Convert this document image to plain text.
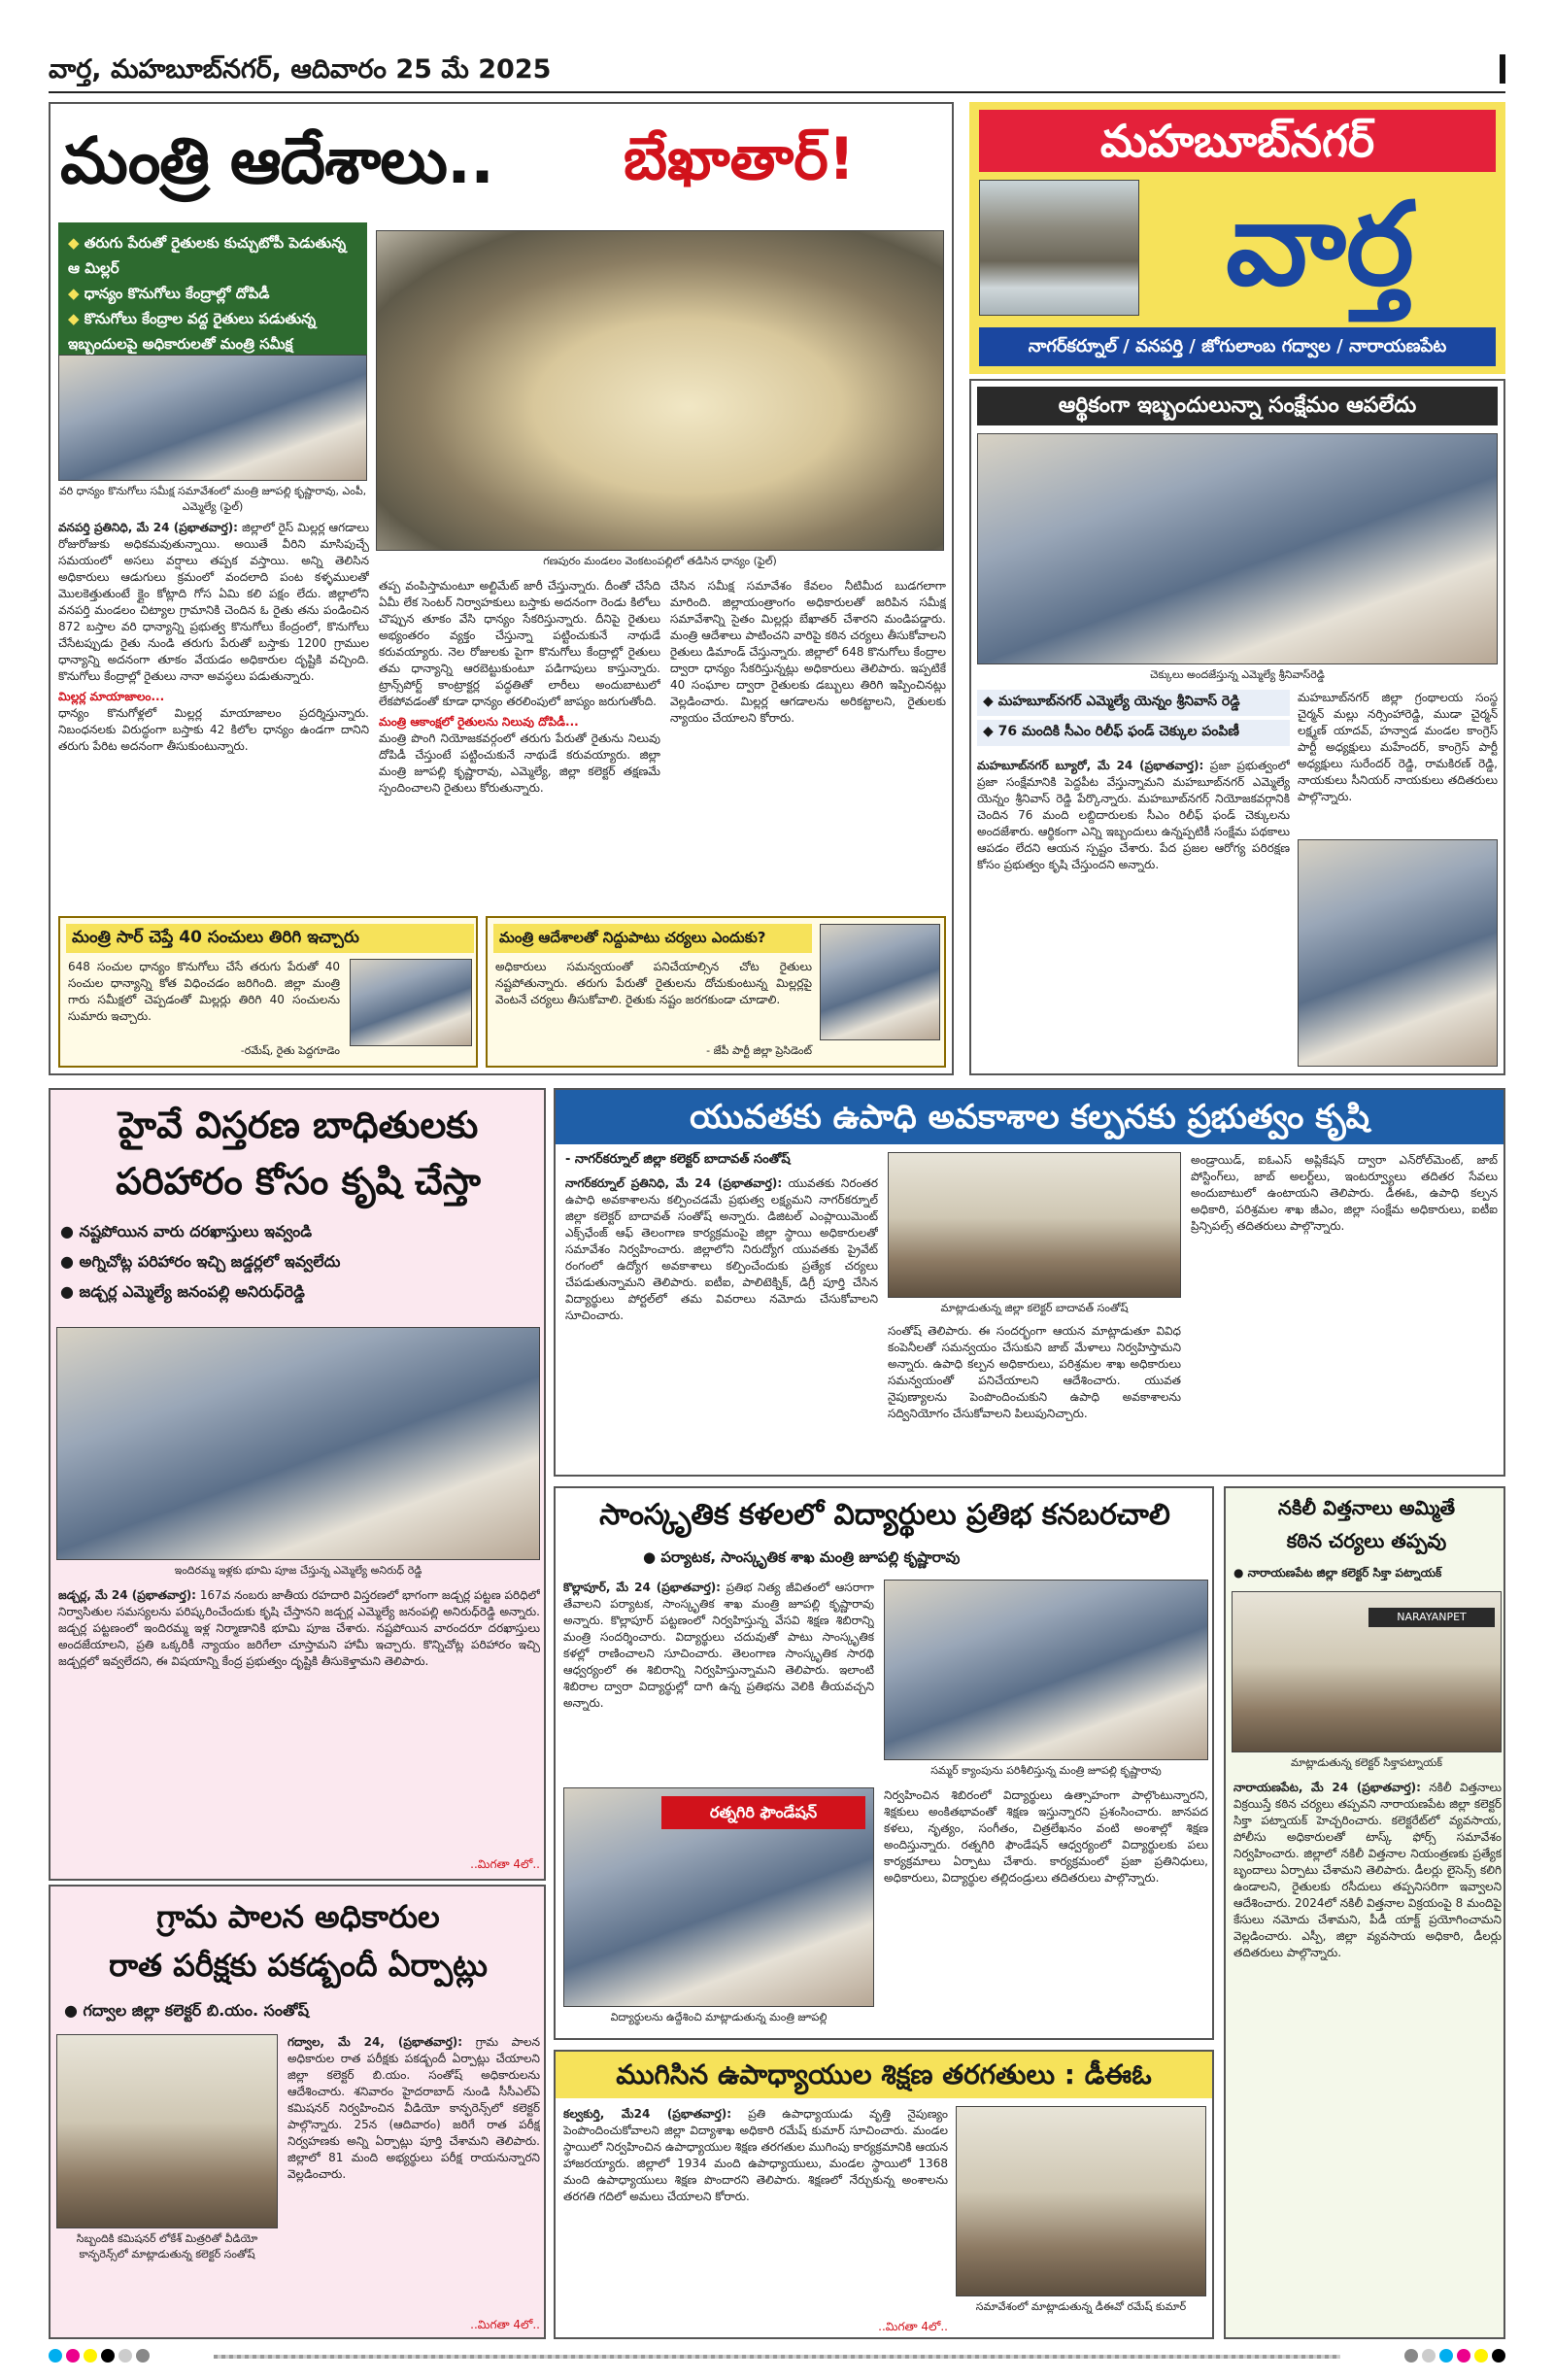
వార్త, మహబూబ్‌నగర్, ఆదివారం 25 మే 2025
మంత్రి ఆదేశాలు..	బేఖాతార్!
◆ తరుగు పేరుతో రైతులకు కుచ్చుటోపీ పెడుతున్న ఆ మిల్లర్
◆ ధాన్యం కొనుగోలు కేంద్రాల్లో దోపిడీ
◆ కొనుగోలు కేంద్రాల వద్ద రైతులు పడుతున్న ఇబ్బందులపై అధికారులతో మంత్రి సమీక్ష
వరి ధాన్యం కొనుగోలు సమీక్ష సమావేశంలో మంత్రి జూపల్లి కృష్ణారావు, ఎంపీ, ఎమ్మెల్యే (ఫైల్)
గణపురం మండలం వెంకటంపల్లిలో తడిసిన ధాన్యం (ఫైల్)
వనపర్తి ప్రతినిధి, మే 24 (ప్రభాతవార్త): జిల్లాలో రైస్ మిల్లర్ల ఆగడాలు రోజురోజుకు అధికమవుతున్నాయి. అయితే వీరిని మాసిపుచ్చే సమయంలో అసలు వర్షాలు తప్పక వస్తాయి. అన్ని తెలిసిన అధికారులు ఆడుగులు క్రమంలో వందలాది పంట కళ్ళములతో మొలకెత్తుతుంటే క్లైం కోట్లాది గోస ఏమి కలి పక్షం లేదు. జిల్లాలోని వనపర్తి మండలం చిట్యాల గ్రామానికి చెందిన ఓ రైతు తను పండించిన 872 బస్తాల వరి ధాన్యాన్ని ప్రభుత్వ కొనుగోలు కేంద్రంలో, కొనుగోలు చేసేటప్పుడు రైతు నుండి తరుగు పేరుతో బస్తాకు 1200 గ్రాముల ధాన్యాన్ని అదనంగా తూకం వేయడం అధికారుల దృష్టికి వచ్చింది. కొనుగోలు కేంద్రాల్లో రైతులు నానా అవస్థలు పడుతున్నారు.
మిల్లర్ల మాయాజాలం...
ధాన్యం కొనుగోళ్లలో మిల్లర్ల మాయాజాలం ప్రదర్శిస్తున్నారు. నిబంధనలకు విరుద్ధంగా బస్తాకు 42 కిలోల ధాన్యం ఉండగా దానిని తరుగు పేరిట అదనంగా తీసుకుంటున్నారు.
తప్ప వంపిస్తామంటూ అల్టిమేట్ జారీ చేస్తున్నారు. దీంతో చేసేది ఏమీ లేక సెంటర్ నిర్వాహకులు బస్తాకు అదనంగా రెండు కిలోలు చొప్పున తూకం వేసి ధాన్యం సేకరిస్తున్నారు. దీనిపై రైతులు అభ్యంతరం వ్యక్తం చేస్తున్నా పట్టించుకునే నాథుడే కరువయ్యారు. నెల రోజులకు పైగా కొనుగోలు కేంద్రాల్లో రైతులు తమ ధాన్యాన్ని ఆరబెట్టుకుంటూ పడిగాపులు కాస్తున్నారు. ట్రాన్స్‌పోర్ట్ కాంట్రాక్టర్ల పద్ధతితో లారీలు అందుబాటులో లేకపోవడంతో కూడా ధాన్యం తరలింపులో జాప్యం జరుగుతోంది.
మంత్రి ఆకాంక్షలో రైతులను నిలువు దోపిడీ...
మంత్రి పొంగి నియోజకవర్గంలో తరుగు పేరుతో రైతును నిలువు దోపిడీ చేస్తుంటే పట్టించుకునే నాథుడే కరువయ్యారు. జిల్లా మంత్రి జూపల్లి కృష్ణారావు, ఎమ్మెల్యే, జిల్లా కలెక్టర్ తక్షణమే స్పందించాలని రైతులు కోరుతున్నారు.
చేసిన సమీక్ష సమావేశం కేవలం నీటిమీద బుడగలాగా మారింది. జిల్లాయంత్రాంగం అధికారులతో జరిపిన సమీక్ష సమావేశాన్ని సైతం మిల్లర్లు బేఖాతర్ చేశారని మండిపడ్డారు. మంత్రి ఆదేశాలు పాటించని వారిపై కఠిన చర్యలు తీసుకోవాలని రైతులు డిమాండ్ చేస్తున్నారు. జిల్లాలో 648 కొనుగోలు కేంద్రాల ద్వారా ధాన్యం సేకరిస్తున్నట్లు అధికారులు తెలిపారు. ఇప్పటికే 40 సంఘాల ద్వారా రైతులకు డబ్బులు తిరిగి ఇప్పించినట్లు వెల్లడించారు. మిల్లర్ల ఆగడాలను అరికట్టాలని, రైతులకు న్యాయం చేయాలని కోరారు.
మంత్రి సార్ చెప్తే 40 సంచులు తిరిగి ఇచ్చారు
648 సంచుల ధాన్యం కొనుగోలు చేసే తరుగు పేరుతో 40 సంచుల ధాన్యాన్ని కోత విధించడం జరిగింది. జిల్లా మంత్రి గారు సమీక్షలో చెప్పడంతో మిల్లర్లు తిరిగి 40 సంచులను సుమారు ఇచ్చారు.
-రమేష్, రైతు పెద్దగూడెం
మంత్రి ఆదేశాలతో నిద్దుపాటు చర్యలు ఎందుకు?
అధికారులు సమన్వయంతో పనిచేయాల్సిన చోట రైతులు నష్టపోతున్నారు. తరుగు పేరుతో రైతులను దోచుకుంటున్న మిల్లర్లపై వెంటనే చర్యలు తీసుకోవాలి. రైతుకు నష్టం జరగకుండా చూడాలి.
- జేపీ పార్టీ జిల్లా ప్రెసిడెంట్
మహబూబ్‌నగర్
వార్త
నాగర్‌కర్నూల్ / వనపర్తి / జోగులాంబ గద్వాల / నారాయణపేట
ఆర్థికంగా ఇబ్బందులున్నా సంక్షేమం ఆపలేదు
చెక్కులు అందజేస్తున్న ఎమ్మెల్యే శ్రీనివాస్‌రెడ్డి
◆ మహబూబ్‌నగర్ ఎమ్మెల్యే యెన్నం శ్రీనివాస్ రెడ్డి
◆ 76 మందికి సీఎం రిలీఫ్ ఫండ్ చెక్కుల పంపిణీ
మహబూబ్‌నగర్ బ్యూరో, మే 24 (ప్రభాతవార్త): ప్రజా ప్రభుత్వంలో ప్రజా సంక్షేమానికి పెద్దపీట వేస్తున్నామని మహబూబ్‌నగర్ ఎమ్మెల్యే యెన్నం శ్రీనివాస్ రెడ్డి పేర్కొన్నారు. మహబూబ్‌నగర్ నియోజకవర్గానికి చెందిన 76 మంది లబ్దిదారులకు సీఎం రిలీఫ్ ఫండ్ చెక్కులను అందజేశారు. ఆర్థికంగా ఎన్ని ఇబ్బందులు ఉన్నప్పటికీ సంక్షేమ పథకాలు ఆపడం లేదని ఆయన స్పష్టం చేశారు. పేద ప్రజల ఆరోగ్య పరిరక్షణ కోసం ప్రభుత్వం కృషి చేస్తుందని అన్నారు.
మహబూబ్‌నగర్ జిల్లా గ్రంథాలయ సంస్థ చైర్మన్ మల్లు నర్సింహారెడ్డి, ముడా చైర్మన్ లక్ష్మణ్ యాదవ్, హన్వాడ మండల కాంగ్రెస్ పార్టీ అధ్యక్షులు మహేందర్, కాంగ్రెస్ పార్టీ అధ్యక్షులు సురేందర్ రెడ్డి, రామకిరణ్ రెడ్డి, నాయకులు సీనియర్ నాయకులు తదితరులు పాల్గొన్నారు.
హైవే విస్తరణ బాధితులకు
పరిహారం కోసం కృషి చేస్తా
● నష్టపోయిన వారు దరఖాస్తులు ఇవ్వండి
● అగ్నిచోట్ల పరిహారం ఇచ్చి జడ్డర్లలో ఇవ్వలేదు
● జడ్చర్ల ఎమ్మెల్యే జనంపల్లి అనిరుధ్‌రెడ్డి
ఇందిరమ్మ ఇళ్లకు భూమి పూజ చేస్తున్న ఎమ్మెల్యే అనిరుధ్ రెడ్డి
జడ్చర్ల, మే 24 (ప్రభాతవార్త): 167వ నంబరు జాతీయ రహదారి విస్తరణలో భాగంగా జడ్చర్ల పట్టణ పరిధిలో నిర్వాసితుల సమస్యలను పరిష్కరించేందుకు కృషి చేస్తానని జడ్చర్ల ఎమ్మెల్యే జనంపల్లి అనిరుధ్‌రెడ్డి అన్నారు. జడ్చర్ల పట్టణంలో ఇందిరమ్మ ఇళ్ల నిర్మాణానికి భూమి పూజ చేశారు. నష్టపోయిన వారందరూ దరఖాస్తులు అందజేయాలని, ప్రతి ఒక్కరికీ న్యాయం జరిగేలా చూస్తామని హామీ ఇచ్చారు. కొన్నిచోట్ల పరిహారం ఇచ్చి జడ్చర్లలో ఇవ్వలేదని, ఈ విషయాన్ని కేంద్ర ప్రభుత్వం దృష్టికి తీసుకెళ్తామని తెలిపారు.
..మిగతా 4లో..
గ్రామ పాలన అధికారుల
రాత పరీక్షకు పకడ్బందీ ఏర్పాట్లు
● గద్వాల జిల్లా కలెక్టర్ బి.యం. సంతోష్
సిబ్బందికి కమిషనర్ లోకేశ్ మిత్రరితో వీడియో కాన్ఫరెన్స్‌లో మాట్లాడుతున్న కలెక్టర్ సంతోష్
గద్వాల, మే 24, (ప్రభాతవార్త): గ్రామ పాలన అధికారుల రాత పరీక్షకు పకడ్బందీ ఏర్పాట్లు చేయాలని జిల్లా కలెక్టర్ బి.యం. సంతోష్ అధికారులను ఆదేశించారు. శనివారం హైదరాబాద్ నుండి సీసీఎల్ఏ కమిషనర్ నిర్వహించిన వీడియో కాన్ఫరెన్స్‌లో కలెక్టర్ పాల్గొన్నారు. 25న (ఆదివారం) జరిగే రాత పరీక్ష నిర్వహణకు అన్ని ఏర్పాట్లు పూర్తి చేశామని తెలిపారు. జిల్లాలో 81 మంది అభ్యర్థులు పరీక్ష రాయనున్నారని వెల్లడించారు.
..మిగతా 4లో..
యువతకు ఉపాధి అవకాశాల కల్పనకు ప్రభుత్వం కృషి
- నాగర్‌కర్నూల్ జిల్లా కలెక్టర్ బాదావత్ సంతోష్
నాగర్‌కర్నూల్ ప్రతినిధి, మే 24 (ప్రభాతవార్త): యువతకు నిరంతర ఉపాధి అవకాశాలను కల్పించడమే ప్రభుత్వ లక్ష్యమని నాగర్‌కర్నూల్ జిల్లా కలెక్టర్ బాదావత్ సంతోష్ అన్నారు. డిజిటల్ ఎంప్లాయిమెంట్ ఎక్స్‌ఛేంజ్ ఆఫ్ తెలంగాణ కార్యక్రమంపై జిల్లా స్థాయి అధికారులతో సమావేశం నిర్వహించారు. జిల్లాలోని నిరుద్యోగ యువతకు ప్రైవేట్ రంగంలో ఉద్యోగ అవకాశాలు కల్పించేందుకు ప్రత్యేక చర్యలు చేపడుతున్నామని తెలిపారు. ఐటీఐ, పాలిటెక్నిక్, డిగ్రీ పూర్తి చేసిన విద్యార్థులు పోర్టల్‌లో తమ వివరాలు నమోదు చేసుకోవాలని సూచించారు.
మాట్లాడుతున్న జిల్లా కలెక్టర్ బాదావత్ సంతోష్
సంతోష్ తెలిపారు. ఈ సందర్భంగా ఆయన మాట్లాడుతూ వివిధ కంపెనీలతో సమన్వయం చేసుకుని జాబ్ మేళాలు నిర్వహిస్తామని అన్నారు. ఉపాధి కల్పన అధికారులు, పరిశ్రమల శాఖ అధికారులు సమన్వయంతో పనిచేయాలని ఆదేశించారు. యువత నైపుణ్యాలను పెంపొందించుకుని ఉపాధి అవకాశాలను సద్వినియోగం చేసుకోవాలని పిలుపునిచ్చారు.
అండ్రాయిడ్, ఐఓఎస్ అప్లికేషన్ ద్వారా ఎన్‌రోల్‌మెంట్, జాబ్ పోస్టింగ్‌లు, జాబ్ అలర్ట్‌లు, ఇంటర్వ్యూలు తదితర సేవలు అందుబాటులో ఉంటాయని తెలిపారు. డీఈఓ, ఉపాధి కల్పన అధికారి, పరిశ్రమల శాఖ జీఎం, జిల్లా సంక్షేమ అధికారులు, ఐటీఐ ప్రిన్సిపల్స్ తదితరులు పాల్గొన్నారు.
సాంస్కృతిక కళలలో విద్యార్థులు ప్రతిభ కనబరచాలి
● పర్యాటక, సాంస్కృతిక శాఖ మంత్రి జూపల్లి కృష్ణారావు
కొల్లాపూర్, మే 24 (ప్రభాతవార్త): ప్రతిభ నిత్య జీవితంలో ఆసరాగా తేవాలని పర్యాటక, సాంస్కృతిక శాఖ మంత్రి జూపల్లి కృష్ణారావు అన్నారు. కొల్లాపూర్ పట్టణంలో నిర్వహిస్తున్న వేసవి శిక్షణ శిబిరాన్ని మంత్రి సందర్శించారు. విద్యార్థులు చదువుతో పాటు సాంస్కృతిక కళల్లో రాణించాలని సూచించారు. తెలంగాణ సాంస్కృతిక సారథి ఆధ్వర్యంలో ఈ శిబిరాన్ని నిర్వహిస్తున్నామని తెలిపారు. ఇలాంటి శిబిరాల ద్వారా విద్యార్థుల్లో దాగి ఉన్న ప్రతిభను వెలికి తీయవచ్చని అన్నారు.
సమ్మర్ క్యాంపును పరిశీలిస్తున్న మంత్రి జూపల్లి కృష్ణారావు
రత్నగిరి ఫౌండేషన్
విద్యార్థులను ఉద్దేశించి మాట్లాడుతున్న మంత్రి జూపల్లి
నిర్వహించిన శిబిరంలో విద్యార్థులు ఉత్సాహంగా పాల్గొంటున్నారని, శిక్షకులు అంకితభావంతో శిక్షణ ఇస్తున్నారని ప్రశంసించారు. జానపద కళలు, నృత్యం, సంగీతం, చిత్రలేఖనం వంటి అంశాల్లో శిక్షణ అందిస్తున్నారు. రత్నగిరి ఫౌండేషన్ ఆధ్వర్యంలో విద్యార్థులకు పలు కార్యక్రమాలు ఏర్పాటు చేశారు. కార్యక్రమంలో ప్రజా ప్రతినిధులు, అధికారులు, విద్యార్థుల తల్లిదండ్రులు తదితరులు పాల్గొన్నారు.
ముగిసిన ఉపాధ్యాయుల శిక్షణ తరగతులు : డీఈఓ
కల్వకుర్తి, మే24 (ప్రభాతవార్త): ప్రతి ఉపాధ్యాయుడు వృత్తి నైపుణ్యం పెంపొందించుకోవాలని జిల్లా విద్యాశాఖ అధికారి రమేష్ కుమార్ సూచించారు. మండల స్థాయిలో నిర్వహించిన ఉపాధ్యాయుల శిక్షణ తరగతుల ముగింపు కార్యక్రమానికి ఆయన హాజరయ్యారు. జిల్లాలో 1934 మంది ఉపాధ్యాయులు, మండల స్థాయిలో 1368 మంది ఉపాధ్యాయులు శిక్షణ పొందారని తెలిపారు. శిక్షణలో నేర్చుకున్న అంశాలను తరగతి గదిలో అమలు చేయాలని కోరారు.
సమావేశంలో మాట్లాడుతున్న డీఈవో రమేష్ కుమార్
..మిగతా 4లో..
నకిలీ విత్తనాలు అమ్మితే
కఠిన చర్యలు తప్పవు
● నారాయణపేట జిల్లా కలెక్టర్ సిక్తా పట్నాయక్
NARAYANPET
మాట్లాడుతున్న కలెక్టర్ సిక్తాపట్నాయక్
నారాయణపేట, మే 24 (ప్రభాతవార్త): నకిలీ విత్తనాలు విక్రయిస్తే కఠిన చర్యలు తప్పవని నారాయణపేట జిల్లా కలెక్టర్ సిక్తా పట్నాయక్ హెచ్చరించారు. కలెక్టరేట్‌లో వ్యవసాయ, పోలీసు అధికారులతో టాస్క్ ఫోర్స్ సమావేశం నిర్వహించారు. జిల్లాలో నకిలీ విత్తనాల నియంత్రణకు ప్రత్యేక బృందాలు ఏర్పాటు చేశామని తెలిపారు. డీలర్లు లైసెన్స్ కలిగి ఉండాలని, రైతులకు రసీదులు తప్పనిసరిగా ఇవ్వాలని ఆదేశించారు. 2024లో నకిలీ విత్తనాల విక్రయంపై 8 మందిపై కేసులు నమోదు చేశామని, పీడీ యాక్ట్ ప్రయోగించామని వెల్లడించారు. ఎస్పీ, జిల్లా వ్యవసాయ అధికారి, డీలర్లు తదితరులు పాల్గొన్నారు.
